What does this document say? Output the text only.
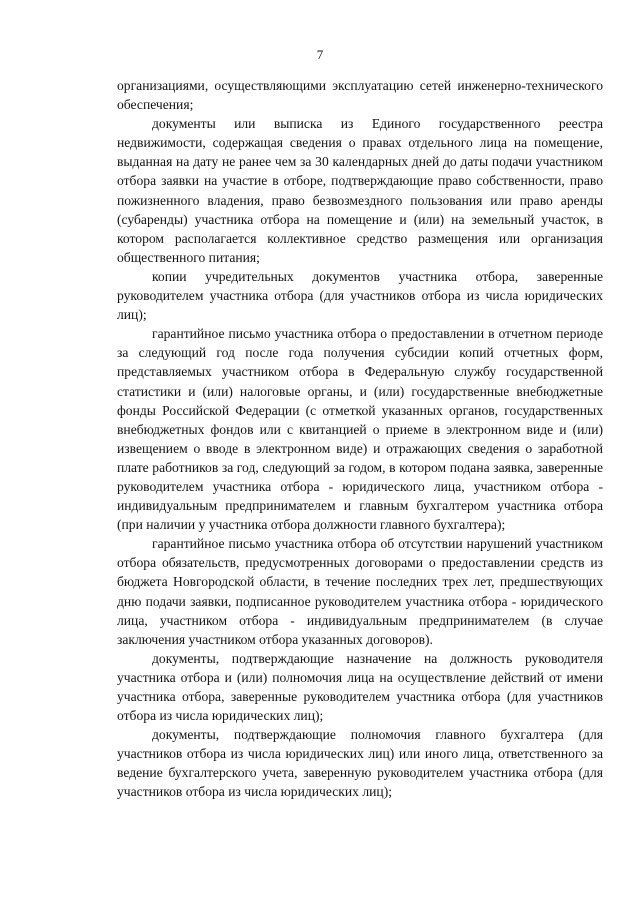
7

организациями, осуществляющими эксплуатацию сетей инженерно-технического обеспечения;

документы или выписка из Единого государственного реестра недвижимости, содержащая сведения о правах отдельного лица на помещение, выданная на дату не ранее чем за 30 календарных дней до даты подачи участником отбора заявки на участие в отборе, подтверждающие право собственности, право пожизненного владения, право безвозмездного пользования или право аренды (субаренды) участника отбора на помещение и (или) на земельный участок, в котором располагается коллективное средство размещения или организация общественного питания;

копии учредительных документов участника отбора, заверенные руководителем участника отбора (для участников отбора из числа юридических лиц);

гарантийное письмо участника отбора о предоставлении в отчетном периоде за следующий год после года получения субсидии копий отчетных форм, представляемых участником отбора в Федеральную службу государственной статистики и (или) налоговые органы, и (или) государственные внебюджетные фонды Российской Федерации (с отметкой указанных органов, государственных внебюджетных фондов или с квитанцией о приеме в электронном виде и (или) извещением о вводе в электронном виде) и отражающих сведения о заработной плате работников за год, следующий за годом, в котором подана заявка, заверенные руководителем участника отбора - юридического лица, участником отбора - индивидуальным предпринимателем и главным бухгалтером участника отбора (при наличии у участника отбора должности главного бухгалтера);

гарантийное письмо участника отбора об отсутствии нарушений участником отбора обязательств, предусмотренных договорами о предоставлении средств из бюджета Новгородской области, в течение последних трех лет, предшествующих дню подачи заявки, подписанное руководителем участника отбора - юридического лица, участником отбора - индивидуальным предпринимателем (в случае заключения участником отбора указанных договоров).

документы, подтверждающие назначение на должность руководителя участника отбора и (или) полномочия лица на осуществление действий от имени участника отбора, заверенные руководителем участника отбора (для участников отбора из числа юридических лиц);

документы, подтверждающие полномочия главного бухгалтера (для участников отбора из числа юридических лиц) или иного лица, ответственного за ведение бухгалтерского учета, заверенную руководителем участника отбора (для участников отбора из числа юридических лиц);
